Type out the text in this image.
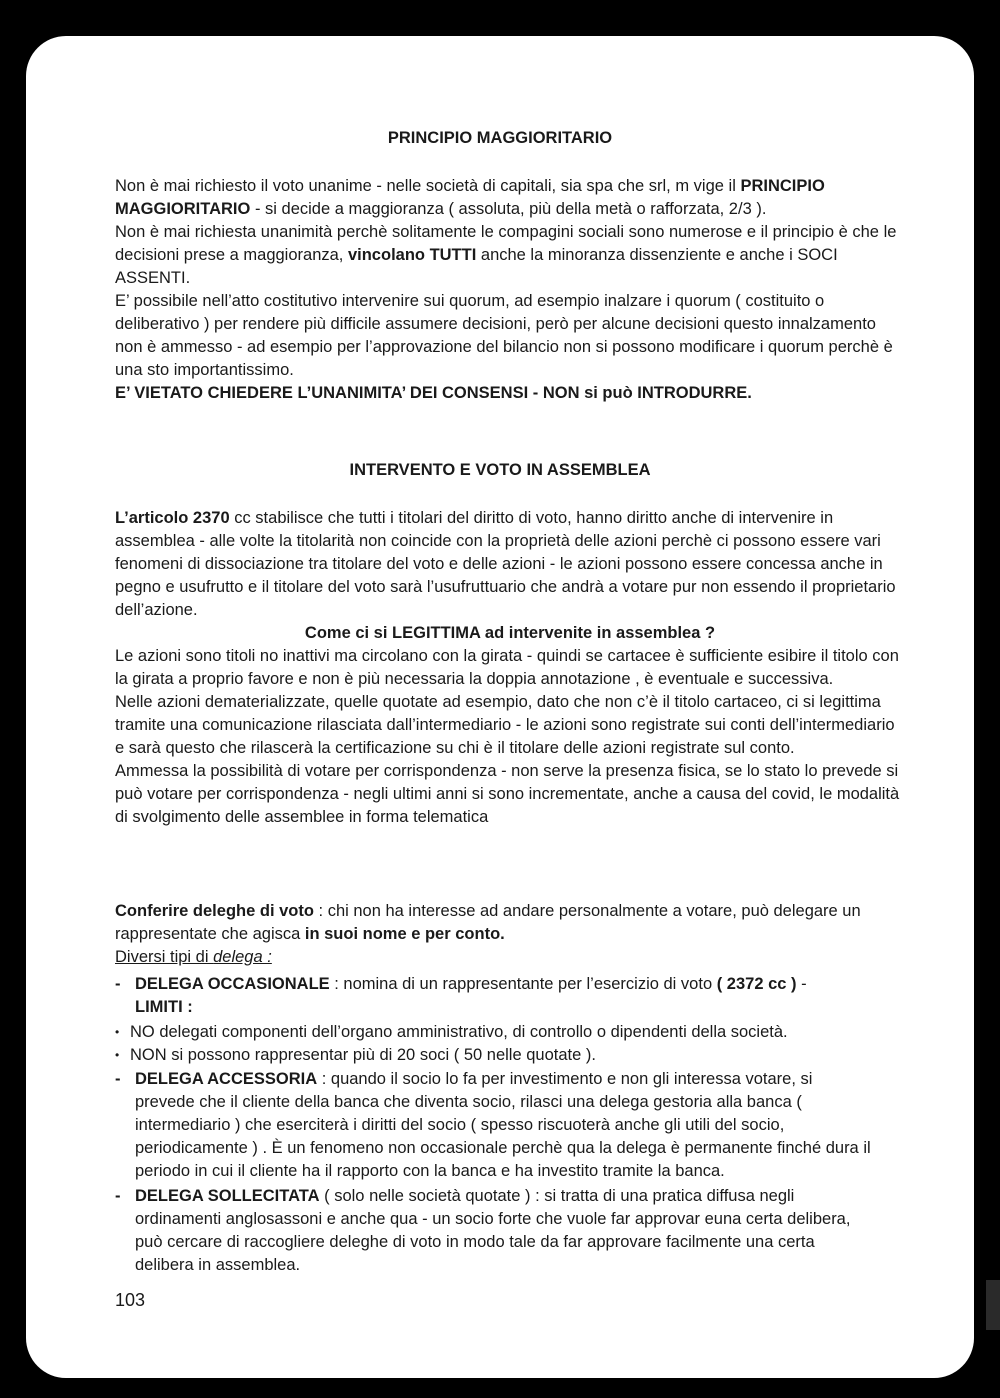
PRINCIPIO MAGGIORITARIO
Non è mai richiesto il voto unanime - nelle società di capitali, sia spa che srl, m vige il PRINCIPIO MAGGIORITARIO - si decide a maggioranza ( assoluta, più della metà o rafforzata, 2/3 ).
Non è mai richiesta unanimità perchè solitamente le compagini sociali sono numerose e il principio è che le decisioni prese a maggioranza, vincolano TUTTI anche la minoranza dissenziente e anche i SOCI ASSENTI.
E’ possibile nell’atto costitutivo intervenire sui quorum, ad esempio inalzare i quorum ( costituito o deliberativo ) per rendere più difficile assumere decisioni, però per alcune decisioni questo innalzamento non è ammesso - ad esempio per l’approvazione del bilancio non si possono modificare i quorum perchè è una sto importantissimo.
E’ VIETATO CHIEDERE L’UNANIMITA’ DEI CONSENSI - NON si può INTRODURRE.
INTERVENTO E VOTO IN ASSEMBLEA
L’articolo 2370 cc stabilisce che tutti i titolari del diritto di voto, hanno diritto anche di intervenire in assemblea - alle volte la titolarità non coincide con la proprietà delle azioni perchè ci possono essere vari fenomeni di dissociazione tra titolare del voto e delle azioni - le azioni possono essere concessa anche in pegno e usufrutto e il titolare del voto sarà l’usufruttuario che andrà a votare pur non essendo il proprietario dell’azione.

Come ci si LEGITTIMA ad intervenite in assemblea ?
Le azioni sono titoli no inattivi ma circolano con la girata - quindi se cartacee è sufficiente esibire il titolo con la girata a proprio favore e non è più necessaria la doppia annotazione , è eventuale e successiva.
Nelle azioni dematerializzate, quelle quotate ad esempio, dato che non c’è il titolo cartaceo, ci si legittima tramite una comunicazione rilasciata dall’intermediario - le azioni sono registrate sui conti dell’intermediario e sarà questo che rilascerà la certificazione su chi è il titolare delle azioni registrate sul conto.
Ammessa la possibilità di votare per corrispondenza - non serve la presenza fisica, se lo stato lo prevede si può votare per corrispondenza - negli ultimi anni si sono incrementate, anche a causa del covid, le modalità di svolgimento delle assemblee in forma telematica
Conferire deleghe di voto : chi non ha interesse ad andare personalmente a votare, può delegare un rappresentate che agisca in suoi nome e per conto.
Diversi tipi di delega :
- DELEGA OCCASIONALE : nomina di un rappresentante per l’esercizio di voto ( 2372 cc ) -
LIMITI :
• NO delegati componenti dell’organo amministrativo, di controllo o dipendenti della società.
• NON si possono rappresentar più di 20 soci ( 50 nelle quotate ).
- DELEGA ACCESSORIA : quando il socio lo fa per investimento e non gli interessa votare, si prevede che il cliente della banca che diventa socio, rilasci una delega gestoria alla banca ( intermediario ) che eserciterà i diritti del socio ( spesso riscuoterà anche gli utili del socio, periodicamente ) . È un fenomeno non occasionale perchè qua la delega è permanente finché dura il periodo in cui il cliente ha il rapporto con la banca e ha investito tramite la banca.
- DELEGA SOLLECITATA ( solo nelle società quotate ) : si tratta di una pratica diffusa negli ordinamenti anglosassoni e anche qua - un socio forte che vuole far approvar euna certa delibera, può cercare di raccogliere deleghe di voto in modo tale da far approvare facilmente una certa delibera in assemblea.
103
